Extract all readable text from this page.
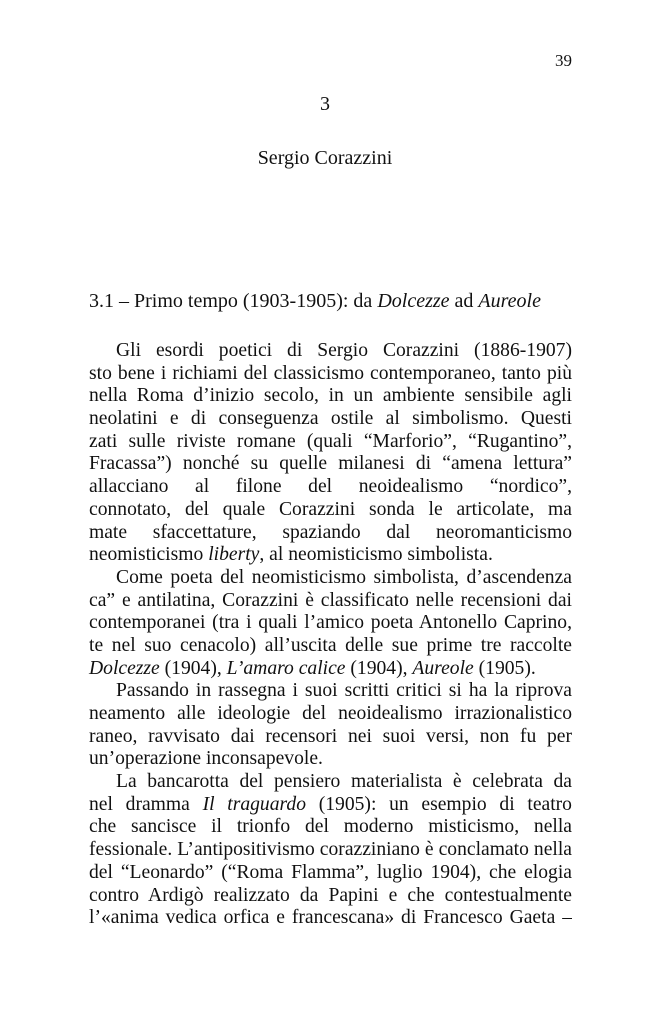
39
3
Sergio Corazzini
3.1 – Primo tempo (1903-1905): da Dolcezze ad Aureole
Gli esordi poetici di Sergio Corazzini (1886-1907)
sto bene i richiami del classicismo contemporaneo, tanto più
nella Roma d’inizio secolo, in un ambiente sensibile agli
neolatini e di conseguenza ostile al simbolismo. Questi
zati sulle riviste romane (quali “Marforio”, “Rugantino”,
Fracassa”) nonché su quelle milanesi di “amena lettura”
allacciano al filone del neoidealismo “nordico”,
connotato, del quale Corazzini sonda le articolate, ma
mate sfaccettature, spaziando dal neoromanticismo
neomisticismo liberty, al neomisticismo simbolista.
Come poeta del neomisticismo simbolista, d’ascendenza
ca” e antilatina, Corazzini è classificato nelle recensioni dai
contemporanei (tra i quali l’amico poeta Antonello Caprino,
te nel suo cenacolo) all’uscita delle sue prime tre raccolte
Dolcezze (1904), L’amaro calice (1904), Aureole (1905).
Passando in rassegna i suoi scritti critici si ha la riprova
neamento alle ideologie del neoidealismo irrazionalistico
raneo, ravvisato dai recensori nei suoi versi, non fu per
un’operazione inconsapevole.
La bancarotta del pensiero materialista è celebrata da
nel dramma Il traguardo (1905): un esempio di teatro
che sancisce il trionfo del moderno misticismo, nella
fessionale. L’antipositivismo corazziniano è conclamato nella
del “Leonardo” (“Roma Flamma”, luglio 1904), che elogia
contro Ardigò realizzato da Papini e che contestualmente
l’«anima vedica orfica e francescana» di Francesco Gaeta –
